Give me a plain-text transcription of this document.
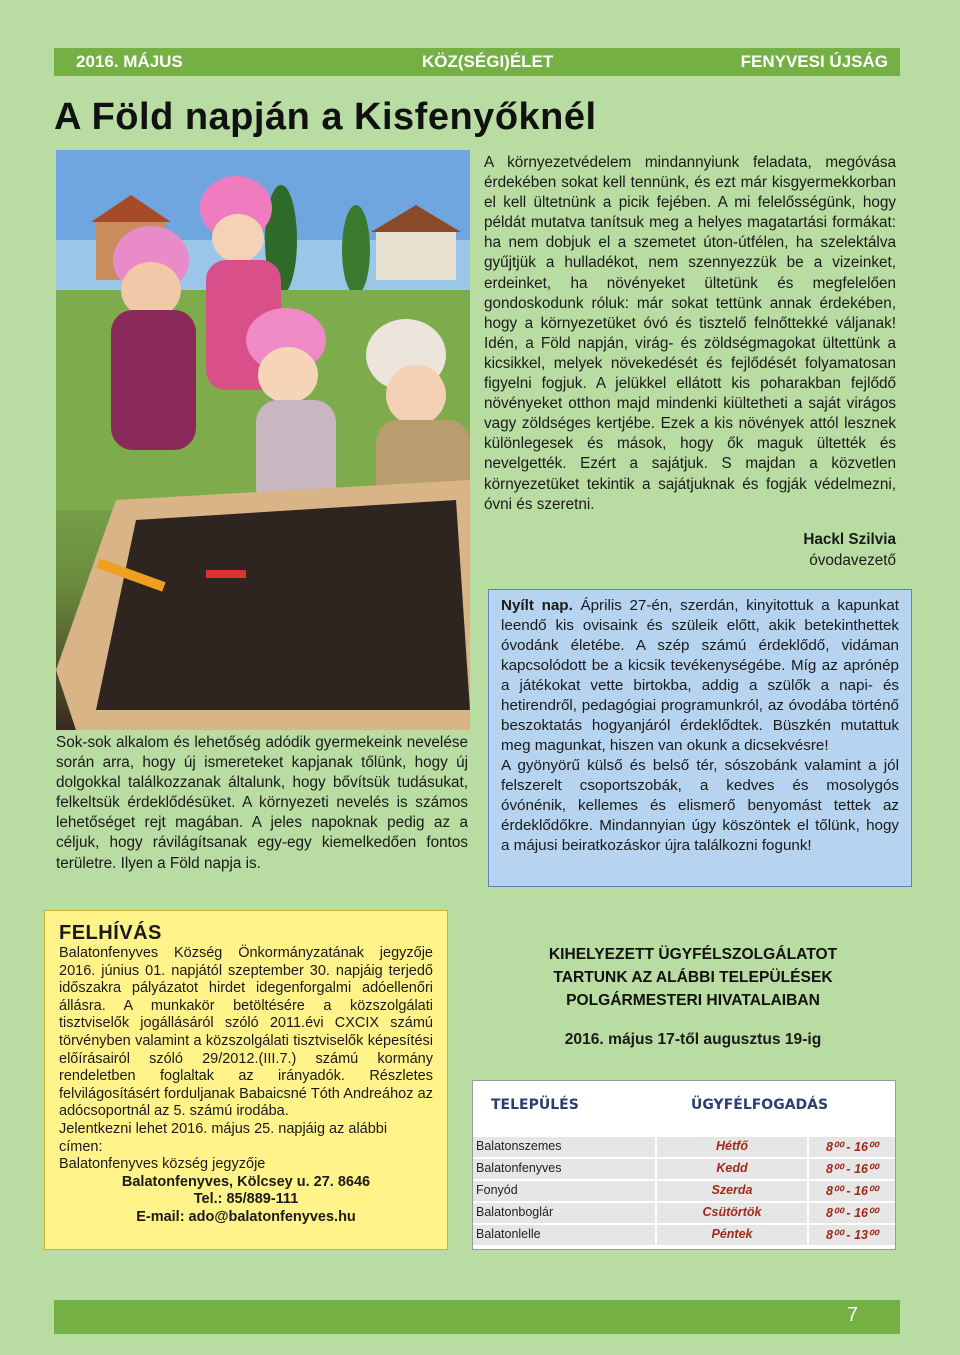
2016. MÁJUS	KÖZ(SÉGI)ÉLET	FENYVESI ÚJSÁG
A Föld napján a Kisfenyőknél
A környezetvédelem mindannyiunk feladata, megóvása érdekében sokat kell tennünk, és ezt már kisgyermekkorban el kell ültetnünk a picik fejében. A mi felelősségünk, hogy példát mutatva tanítsuk meg a helyes magatartási formákat: ha nem dobjuk el a szemetet úton-útfélen, ha szelektálva gyűjtjük a hulladékot, nem szennyezzük be a vizeinket, erdeinket, ha növényeket ültetünk és megfelelően gondoskodunk róluk: már sokat tettünk annak érdekében, hogy a környezetüket óvó és tisztelő felnőttekké váljanak! Idén, a Föld napján, virág- és zöldségmagokat ültettünk a kicsikkel, melyek növekedését és fejlődését folyamatosan figyelni fogjuk. A jelükkel ellátott kis poharakban fejlődő növényeket otthon majd mindenki kiültetheti a saját virágos vagy zöldséges kertjébe. Ezek a kis növények attól lesznek különlegesek és mások, hogy ők maguk ültették és nevelgették. Ezért a sajátjuk. S majdan a közvetlen környezetüket tekintik a sajátjuknak és fogják védelmezni, óvni és szeretni.
Hackl Szilvia
óvodavezető
Sok-sok alkalom és lehetőség adódik gyermekeink nevelése során arra, hogy új ismereteket kapjanak tőlünk, hogy új dolgokkal találkozzanak általunk, hogy bővítsük tudásukat, felkeltsük érdeklődésüket. A környezeti nevelés is számos lehetőséget rejt magában. A jeles napoknak pedig az a céljuk, hogy rávilágítsanak egy-egy kiemelkedően fontos területre. Ilyen a Föld napja is.

Nyílt nap. Április 27-én, szerdán, kinyitottuk a kapunkat leendő kis ovisaink és szüleik előtt, akik betekinthettek óvodánk életébe. A szép számú érdeklődő, vidáman kapcsolódott be a kicsik tevékenységébe. Míg az aprónép a játékokat vette birtokba, addig a szülők a napi- és hetirendről, pedagógiai programunkról, az óvodába történő beszoktatás hogyanjáról érdeklődtek. Büszkén mutattuk meg magunkat, hiszen van okunk a dicsekvésre!

A gyönyörű külső és belső tér, sószobánk valamint a jól felszerelt csoportszobák, a kedves és mosolygós óvónénik, kellemes és elismerő benyomást tettek az érdeklődőkre. Mindannyian úgy köszöntek el tőlünk, hogy a májusi beiratkozáskor újra találkozni fogunk!

FELHÍVÁS

Balatonfenyves Község Önkormányzatának jegyzője 2016. június 01. napjától szeptember 30. napjáig terjedő időszakra pályázatot hirdet idegenforgalmi adóellenőri állásra. A munkakör betöltésére a közszolgálati tisztviselők jogállásáról szóló 2011.évi CXCIX számú törvényben valamint a közszolgálati tisztviselők képesítési előírásairól szóló 29/2012.(III.7.) számú kormány rendeletben foglaltak az irányadók. Részletes felvilágosításért forduljanak Babaicsné Tóth Andreához az adócsoportnál az 5. számú irodába.

Jelentkezni lehet 2016. május 25. napjáig az alábbi címen:

Balatonfenyves község jegyzője

Balatonfenyves, Kölcsey u. 27. 8646

Tel.: 85/889-111

E-mail: ado@balatonfenyves.hu

KIHELYEZETT ÜGYFÉLSZOLGÁLATOT
TARTUNK AZ ALÁBBI TELEPÜLÉSEK
POLGÁRMESTERI HIVATALAIBAN
2016. május 17-től augusztus 19-ig
TELEPÜLÉS	ÜGYFÉLFOGADÁS
Balatonszemes	Hétfő	8⁰⁰ - 16⁰⁰
Balatonfenyves	Kedd	8⁰⁰ - 16⁰⁰
Fonyód	Szerda	8⁰⁰ - 16⁰⁰
Balatonboglár	Csütörtök	8⁰⁰ - 16⁰⁰
Balatonlelle	Péntek	8⁰⁰ - 13⁰⁰
7
